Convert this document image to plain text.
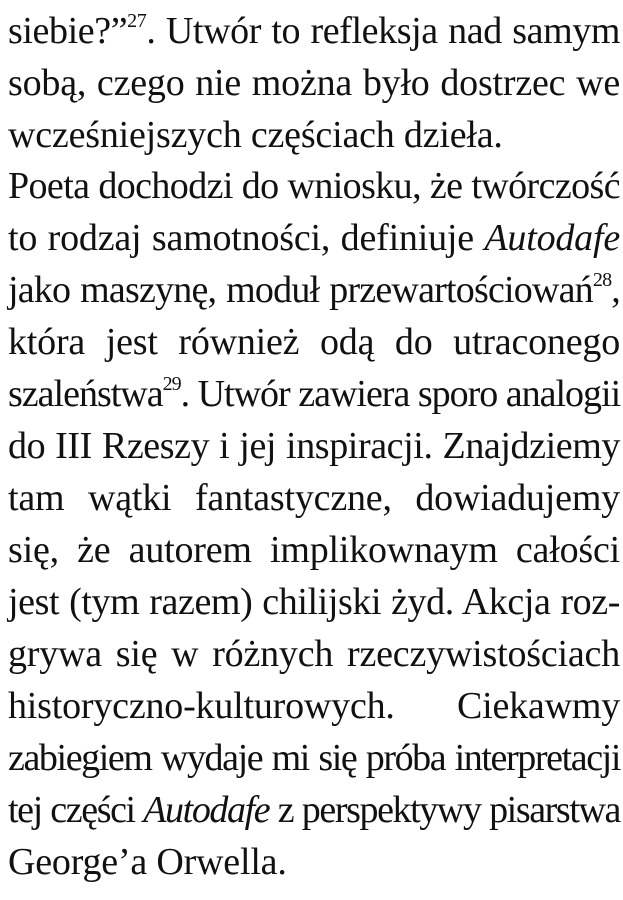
siebie?”$^{27}$. Utwór to refleksja nad samym
sobą, czego nie można było dostrzec we
wcześniejszych częściach dzieła.
Poeta dochodzi do wniosku, że twórczość
to rodzaj samotności, definiuje Autodafe
jako maszynę, moduł przewartościowań$^{28}$,
która jest również odą do utraconego
szaleństwa$^{29}$. Utwór zawiera sporo analogii
do III Rzeszy i jej inspiracji. Znajdziemy
tam wątki fantastyczne, dowiadujemy
się, że autorem implikownaym całości
jest (tym razem) chilijski żyd. Akcja roz-
grywa się w różnych rzeczywistościach
historyczno-kulturowych. Ciekawmy
zabiegiem wydaje mi się próba interpretacji
tej części Autodafe z perspektywy pisarstwa
George’a Orwella.
